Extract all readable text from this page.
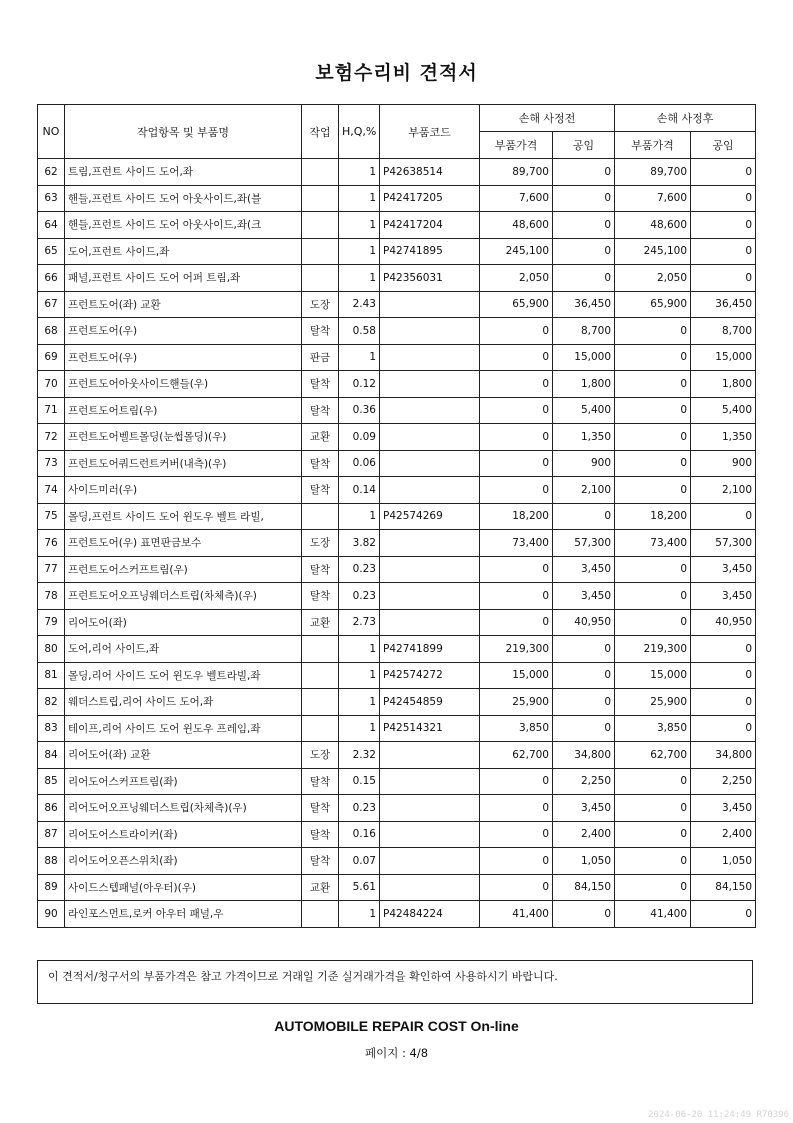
보험수리비 견적서
NO	작업항목 및 부품명	작업	H,Q,%	부품코드	손해 사정전		손해 사정후	
					부품가격	공임	부품가격	공임
62	트림,프런트 사이드 도어,좌		1	P42638514	89,700	0	89,700	0
63	핸들,프런트 사이드 도어 아웃사이드,좌(블		1	P42417205	7,600	0	7,600	0
64	핸들,프런트 사이드 도어 아웃사이드,좌(크		1	P42417204	48,600	0	48,600	0
65	도어,프런트 사이드,좌		1	P42741895	245,100	0	245,100	0
66	패널,프런트 사이드 도어 어퍼 트림,좌		1	P42356031	2,050	0	2,050	0
67	프런트도어(좌) 교환	도장	2.43		65,900	36,450	65,900	36,450
68	프런트도어(우)	탈착	0.58		0	8,700	0	8,700
69	프런트도어(우)	판금	1		0	15,000	0	15,000
70	프런트도어아웃사이드핸들(우)	탈착	0.12		0	1,800	0	1,800
71	프런트도어트림(우)	탈착	0.36		0	5,400	0	5,400
72	프런트도어벨트몰딩(눈썹몰딩)(우)	교환	0.09		0	1,350	0	1,350
73	프런트도어쿼드런트커버(내측)(우)	탈착	0.06		0	900	0	900
74	사이드미러(우)	탈착	0.14		0	2,100	0	2,100
75	몰딩,프런트 사이드 도어 윈도우 벨트 라빌,		1	P42574269	18,200	0	18,200	0
76	프런트도어(우) 표면판금보수	도장	3.82		73,400	57,300	73,400	57,300
77	프런트도어스커프트림(우)	탈착	0.23		0	3,450	0	3,450
78	프런트도어오프닝웨더스트립(차체측)(우)	탈착	0.23		0	3,450	0	3,450
79	리어도어(좌)	교환	2.73		0	40,950	0	40,950
80	도어,리어 사이드,좌		1	P42741899	219,300	0	219,300	0
81	몰딩,리어 사이드 도어 윈도우 벨트라빌,좌		1	P42574272	15,000	0	15,000	0
82	웨더스트립,리어 사이드 도어,좌		1	P42454859	25,900	0	25,900	0
83	테이프,리어 사이드 도어 윈도우 프레임,좌		1	P42514321	3,850	0	3,850	0
84	리어도어(좌) 교환	도장	2.32		62,700	34,800	62,700	34,800
85	리어도어스커프트림(좌)	탈착	0.15		0	2,250	0	2,250
86	리어도어오프닝웨더스트립(차체측)(우)	탈착	0.23		0	3,450	0	3,450
87	리어도어스트라이커(좌)	탈착	0.16		0	2,400	0	2,400
88	리어도어오픈스위치(좌)	탈착	0.07		0	1,050	0	1,050
89	사이드스텝패널(아우터)(우)	교환	5.61		0	84,150	0	84,150
90	라인포스먼트,로커 아우터 패널,우		1	P42484224	41,400	0	41,400	0
이 견적서/청구서의 부품가격은 참고 가격이므로 거래일 기준 실거래가격을 확인하여 사용하시기 바랍니다.
AUTOMOBILE REPAIR COST On-line
페이지 : 4/8
2024-06-20 11:24:49 R70396
